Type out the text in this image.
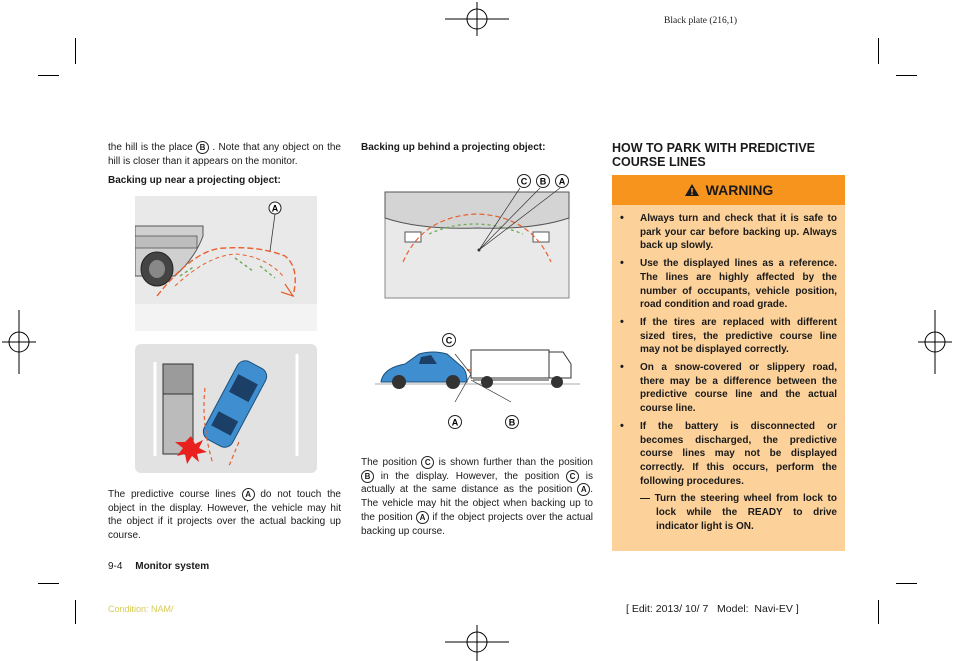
Black plate (216,1)
the hill is the place B . Note that any object on the hill is closer than it appears on the monitor.
Backing up near a projecting object:
A
The predictive course lines A do not touch the object in the display. However, the vehicle may hit the object if it projects over the actual backing up course.
Backing up behind a projecting object:
C B A
C
A	B
The position C is shown further than the position B in the display. However, the position C is actually at the same distance as the position A . The vehicle may hit the object when backing up to the position A if the object projects over the actual backing up course.
HOW TO PARK WITH PREDICTIVE COURSE LINES
WARNING
• Always turn and check that it is safe to park your car before backing up. Always back up slowly.
• Use the displayed lines as a reference. The lines are highly affected by the number of occupants, vehicle position, road condition and road grade.
• If the tires are replaced with different sized tires, the predictive course line may not be displayed correctly.
• On a snow-covered or slippery road, there may be a difference between the predictive course line and the actual course line.
• If the battery is disconnected or becomes discharged, the predictive course lines may not be displayed correctly. If this occurs, perform the following procedures.
— Turn the steering wheel from lock to lock while the READY to drive indicator light is ON.
9-4 Monitor system
Condition: NAM/	[ Edit: 2013/ 10/ 7   Model:  Navi-EV ]
